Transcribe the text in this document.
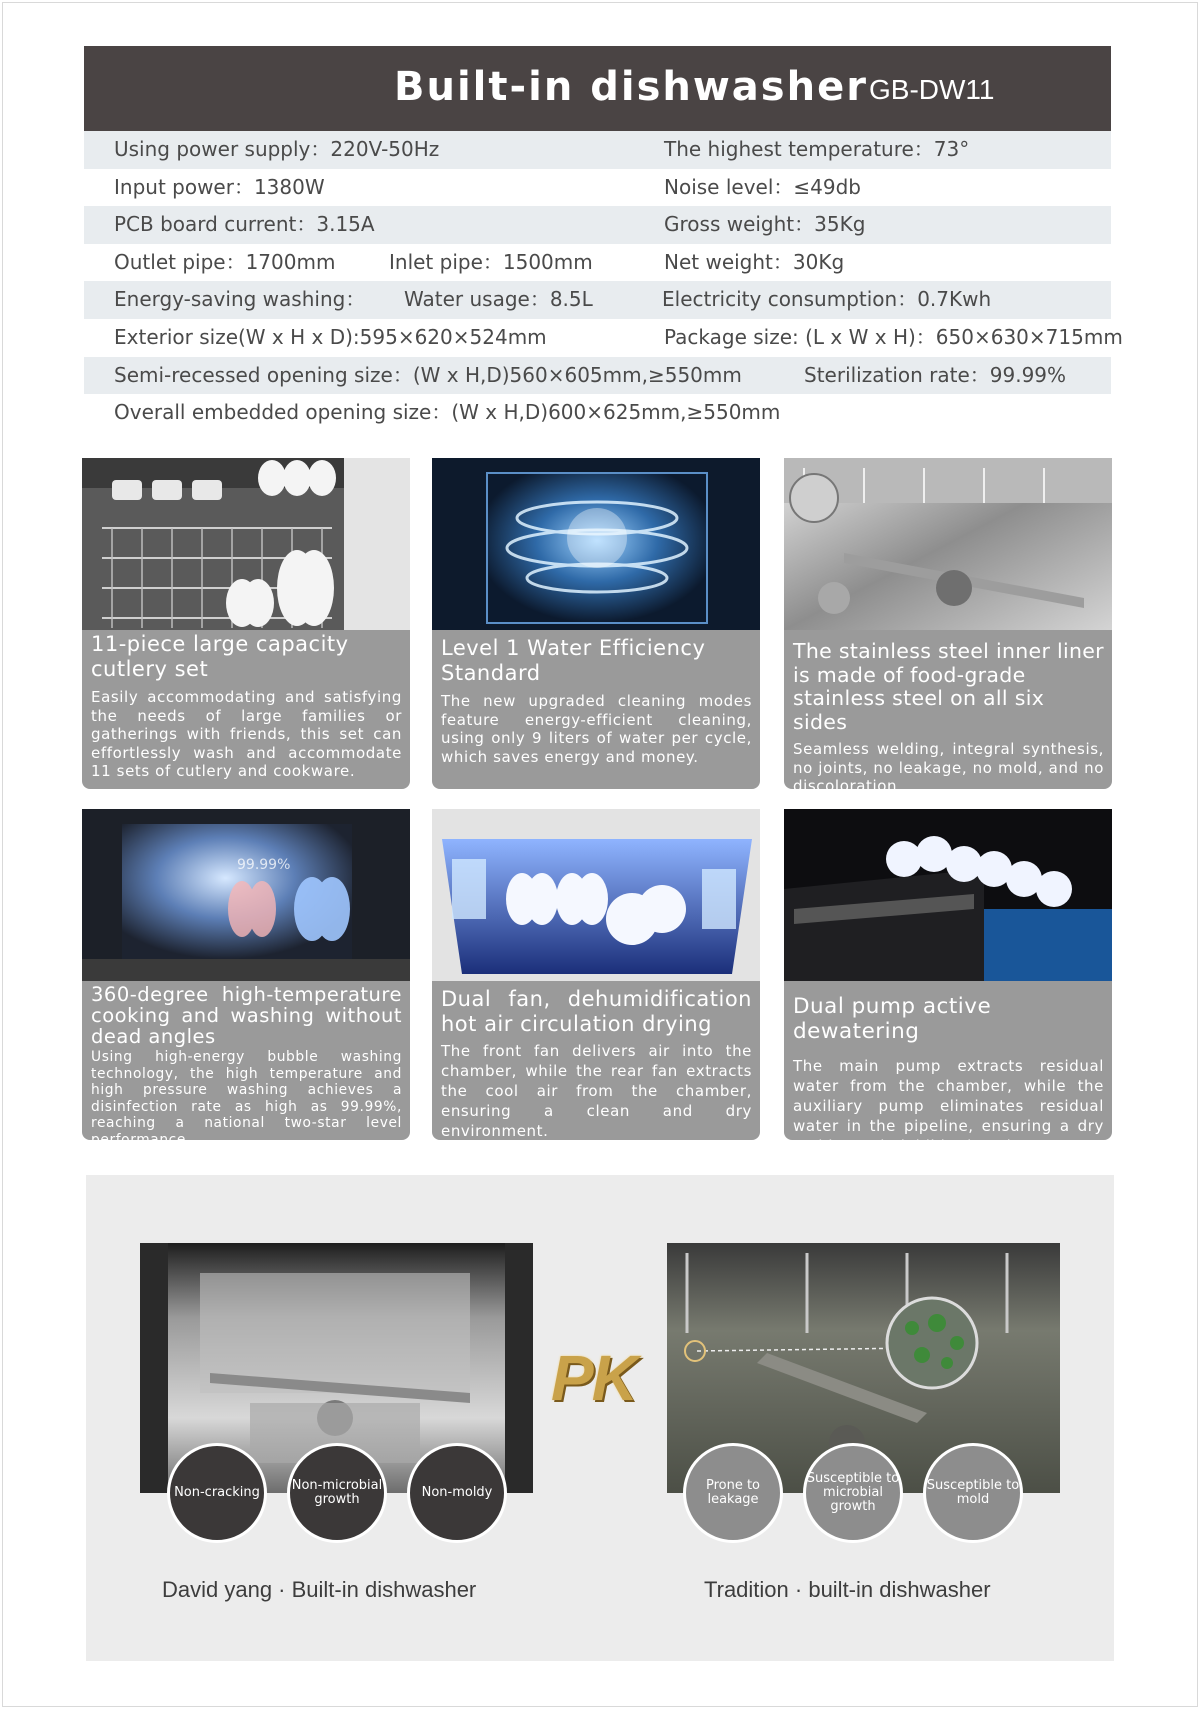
Built-in dishwasher GB-DW11
Using power supply：220V-50Hz	The highest temperature：73°
Input power：1380W	Noise level：≤49db
PCB board current：3.15A	Gross weight：35Kg
Outlet pipe：1700mm	Inlet pipe：1500mm	Net weight：30Kg
Energy-saving washing： Water usage：8.5L	Electricity consumption：0.7Kwh
Exterior size(W x H x D):595×620×524mm	Package size: (L x W x H)：650×630×715mm
Semi-recessed opening size：(W x H,D)560×605mm,≥550mm	Sterilization rate：99.99%
Overall embedded opening size：(W x H,D)600×625mm,≥550mm
11-piece large capacity cutlery set
Easily accommodating and satisfying the needs of large families or gatherings with friends, this set can effortlessly wash and accommodate 11 sets of cutlery and cookware.
Level 1 Water Efficiency Standard
The new upgraded cleaning modes feature energy-efficient cleaning, using only 9 liters of water per cycle, which saves energy and money.
The stainless steel inner liner is made of food-grade stainless steel on all six sides
Seamless welding, integral synthesis, no joints, no leakage, no mold, and no discoloration.
99.99%
360-degree high-temperature cooking and washing without dead angles
Using high-energy bubble washing technology, the high temperature and high pressure washing achieves a disinfection rate as high as 99.99%, reaching a national two-star level performance.
Dual fan, dehumidification hot air circulation drying
The front fan delivers air into the chamber, while the rear fan extracts the cool air from the chamber, ensuring a clean and dry environment.
Dual pump active dewatering
The main pump extracts residual water from the chamber, while the auxiliary pump eliminates residual water in the pipeline, ensuring a dry and bacteria-inhibited environment.
Non-cracking	Non-microbial growth	Non-moldy
PK
Prone to leakage
Susceptible to microbial growth
Susceptible to mold
David yang · Built-in dishwasher	Tradition · built-in dishwasher
